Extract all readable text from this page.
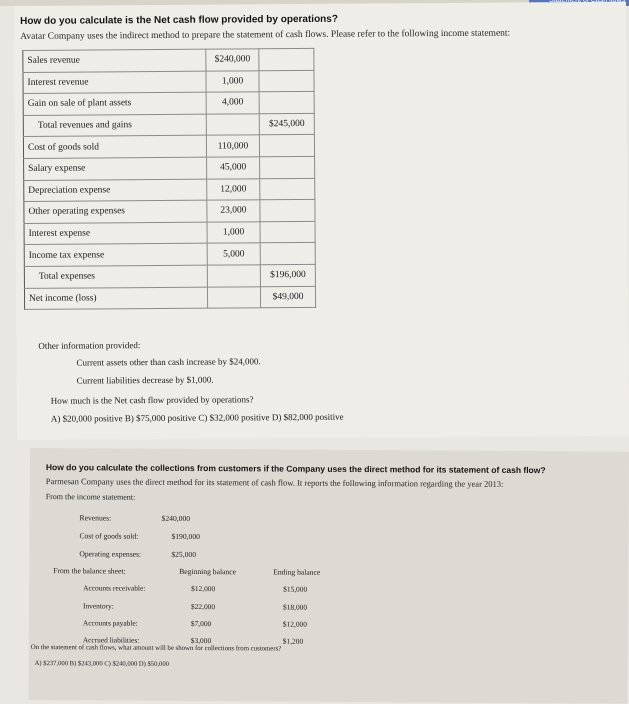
How do you calculate is the Net cash flow provided by operations?
Avatar Company uses the indirect method to prepare the statement of cash flows. Please refer to the following income statement:
Sales revenue	$240,000	
Interest revenue	1,000	
Gain on sale of plant assets	4,000	
Total revenues and gains		$245,000
Cost of goods sold	110,000	
Salary expense	45,000	
Depreciation expense	12,000	
Other operating expenses	23,000	
Interest expense	1,000	
Income tax expense	5,000	
Total expenses		$196,000
Net income (loss)		$49,000
Other information provided:
Current assets other than cash increase by $24,000.
Current liabilities decrease by $1,000.
How much is the Net cash flow provided by operations?
A) $20,000 positive B) $75,000 positive C) $32,000 positive D) $82,000 positive
How do you calculate the collections from customers if the Company uses the direct method for its statement of cash flow?
Parmesan Company uses the direct method for its statement of cash flow. It reports the following information regarding the year 2013:
From the income statement:
Revenues:	$240,000
Cost of goods sold:	$190,000
Operating expenses:	$25,000
From the balance sheet:	Beginning balance	Ending balance
Accounts receivable:	$12,000	$15,000
Inventory:	$22,000	$18,000
Accounts payable:	$7,000	$12,000
Accrued liabilities:	$3,000	$1,200
On the statement of cash flows, what amount will be shown for collections from customers?
A) $237,000 B) $243,000 C) $240,000 D) $50,000
